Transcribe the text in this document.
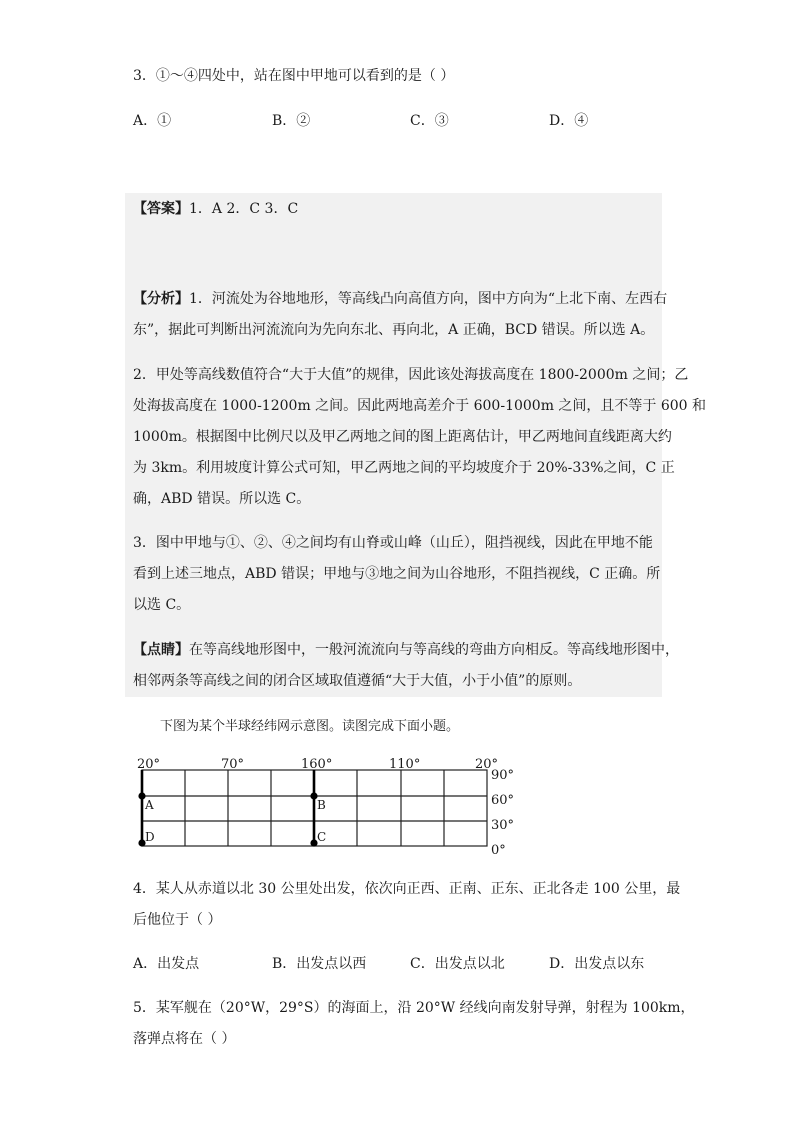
3．①～④四处中，站在图中甲地可以看到的是（ ）
A．①	B．②	C．③	D．④
【答案】1．A 2．C 3．C
【分析】1．河流处为谷地地形，等高线凸向高值方向，图中方向为“上北下南、左西右
东”，据此可判断出河流流向为先向东北、再向北，A 正确，BCD 错误。所以选 A。
2．甲处等高线数值符合“大于大值”的规律，因此该处海拔高度在 1800-2000m 之间；乙
处海拔高度在 1000-1200m 之间。因此两地高差介于 600-1000m 之间，且不等于 600 和
1000m。根据图中比例尺以及甲乙两地之间的图上距离估计，甲乙两地间直线距离大约
为 3km。利用坡度计算公式可知，甲乙两地之间的平均坡度介于 20%-33%之间，C 正
确，ABD 错误。所以选 C。
3．图中甲地与①、②、④之间均有山脊或山峰（山丘），阻挡视线，因此在甲地不能
看到上述三地点，ABD 错误；甲地与③地之间为山谷地形，不阻挡视线，C 正确。所
以选 C。
【点睛】在等高线地形图中，一般河流流向与等高线的弯曲方向相反。等高线地形图中，
相邻两条等高线之间的闭合区域取值遵循“大于大值，小于小值”的原则。
下图为某个半球经纬网示意图。读图完成下面小题。
20°	70°	160°	110°	20°
90°
60°
30°
0°
A	B
C
D
4．某人从赤道以北 30 公里处出发，依次向正西、正南、正东、正北各走 100 公里，最
后他位于（ ）
A．出发点	B．出发点以西	C．出发点以北	D．出发点以东
5．某军舰在（20°W，29°S）的海面上，沿 20°W 经线向南发射导弹，射程为 100km，
落弹点将在（ ）
